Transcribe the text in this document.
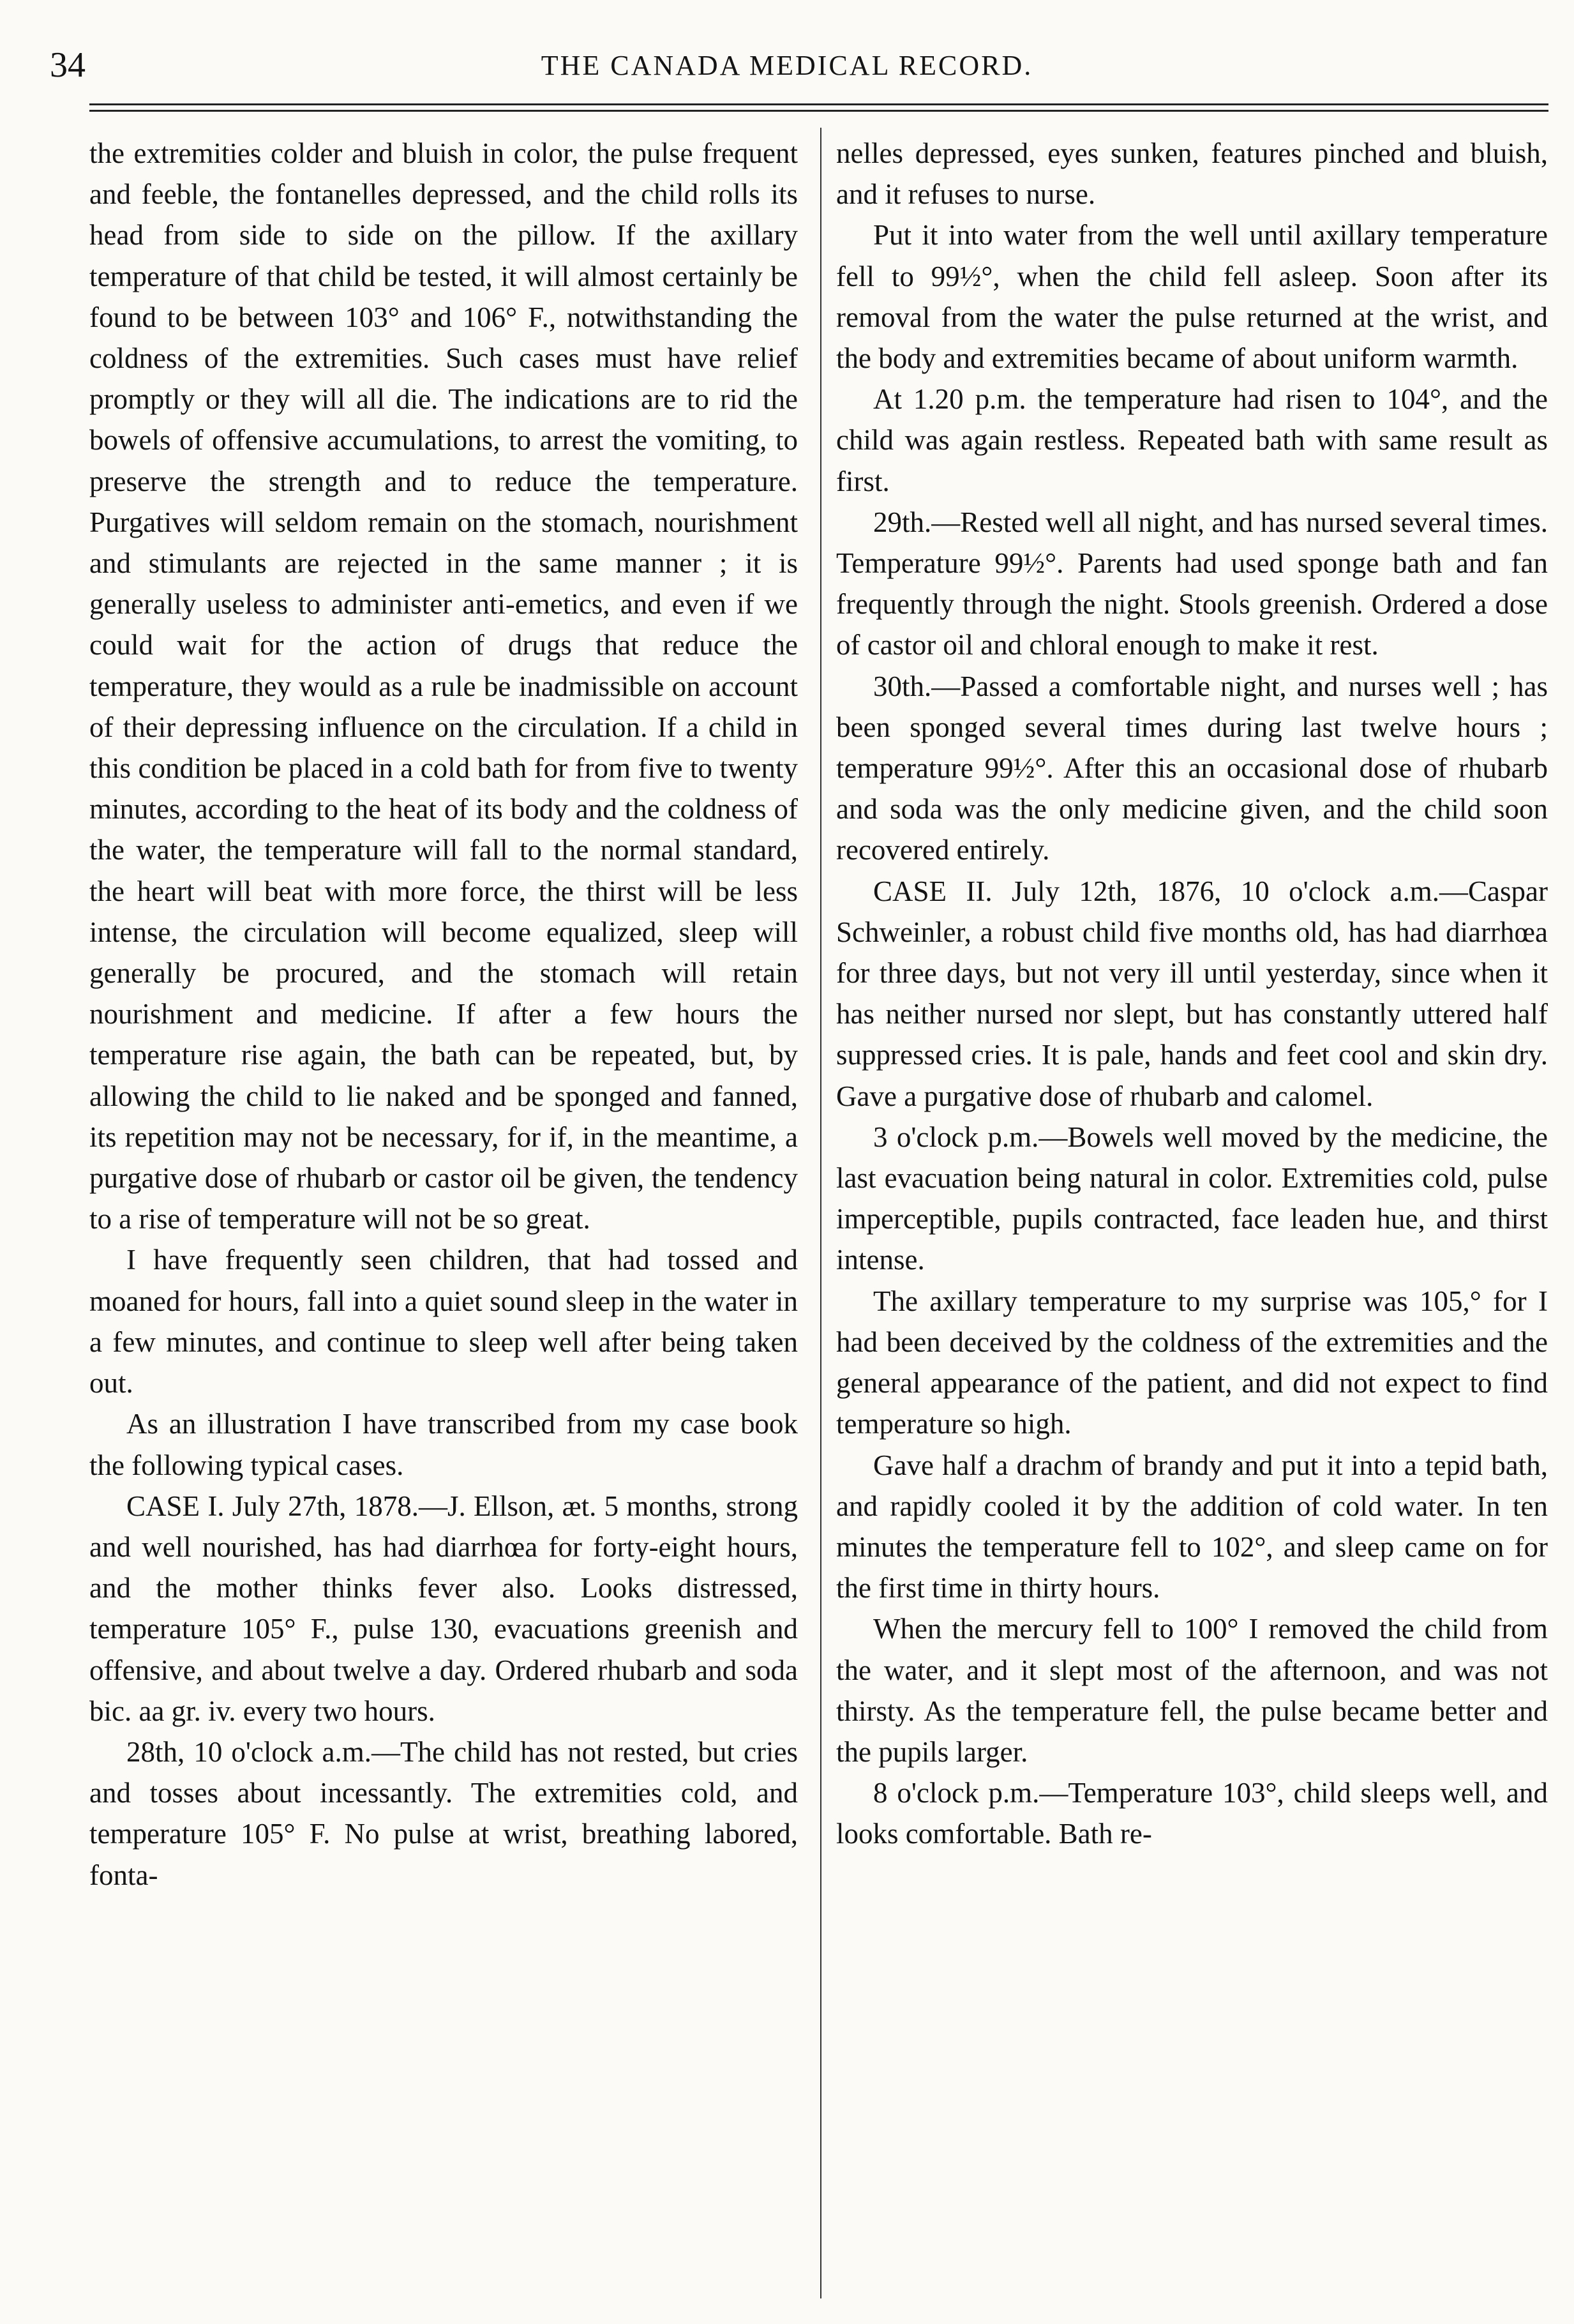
34	THE CANADA MEDICAL RECORD.

the extremities colder and bluish in color, the pulse frequent and feeble, the fontanelles depressed, and the child rolls its head from side to side on the pillow. If the axillary temperature of that child be tested, it will almost certainly be found to be between 103° and 106° F., notwithstanding the coldness of the extremities. Such cases must have relief promptly or they will all die. The indications are to rid the bowels of offensive accumulations, to arrest the vomiting, to preserve the strength and to reduce the temperature. Purgatives will seldom remain on the stomach, nourishment and stimulants are rejected in the same manner ; it is generally useless to administer anti-emetics, and even if we could wait for the action of drugs that reduce the temperature, they would as a rule be inadmissible on account of their depressing influence on the circulation. If a child in this condition be placed in a cold bath for from five to twenty minutes, according to the heat of its body and the coldness of the water, the temperature will fall to the normal standard, the heart will beat with more force, the thirst will be less intense, the circulation will become equalized, sleep will generally be procured, and the stomach will retain nourishment and medicine. If after a few hours the temperature rise again, the bath can be repeated, but, by allowing the child to lie naked and be sponged and fanned, its repetition may not be necessary, for if, in the meantime, a purgative dose of rhubarb or castor oil be given, the tendency to a rise of temperature will not be so great.

I have frequently seen children, that had tossed and moaned for hours, fall into a quiet sound sleep in the water in a few minutes, and continue to sleep well after being taken out.

As an illustration I have transcribed from my case book the following typical cases.

CASE I. July 27th, 1878.—J. Ellson, æt. 5 months, strong and well nourished, has had diarrhœa for forty-eight hours, and the mother thinks fever also. Looks distressed, temperature 105° F., pulse 130, evacuations greenish and offensive, and about twelve a day. Ordered rhubarb and soda bic. aa gr. iv. every two hours.

28th, 10 o'clock a.m.—The child has not rested, but cries and tosses about incessantly. The extremities cold, and temperature 105° F. No pulse at wrist, breathing labored, fonta-

nelles depressed, eyes sunken, features pinched and bluish, and it refuses to nurse.

Put it into water from the well until axillary temperature fell to 99½°, when the child fell asleep. Soon after its removal from the water the pulse returned at the wrist, and the body and extremities became of about uniform warmth.

At 1.20 p.m. the temperature had risen to 104°, and the child was again restless. Repeated bath with same result as first.

29th.—Rested well all night, and has nursed several times. Temperature 99½°. Parents had used sponge bath and fan frequently through the night. Stools greenish. Ordered a dose of castor oil and chloral enough to make it rest.

30th.—Passed a comfortable night, and nurses well ; has been sponged several times during last twelve hours ; temperature 99½°. After this an occasional dose of rhubarb and soda was the only medicine given, and the child soon recovered entirely.

CASE II. July 12th, 1876, 10 o'clock a.m.—Caspar Schweinler, a robust child five months old, has had diarrhœa for three days, but not very ill until yesterday, since when it has neither nursed nor slept, but has constantly uttered half suppressed cries. It is pale, hands and feet cool and skin dry. Gave a purgative dose of rhubarb and calomel.

3 o'clock p.m.—Bowels well moved by the medicine, the last evacuation being natural in color. Extremities cold, pulse imperceptible, pupils contracted, face leaden hue, and thirst intense.

The axillary temperature to my surprise was 105,° for I had been deceived by the coldness of the extremities and the general appearance of the patient, and did not expect to find temperature so high.

Gave half a drachm of brandy and put it into a tepid bath, and rapidly cooled it by the addition of cold water. In ten minutes the temperature fell to 102°, and sleep came on for the first time in thirty hours.

When the mercury fell to 100° I removed the child from the water, and it slept most of the afternoon, and was not thirsty. As the temperature fell, the pulse became better and the pupils larger.

8 o'clock p.m.—Temperature 103°, child sleeps well, and looks comfortable. Bath re-
